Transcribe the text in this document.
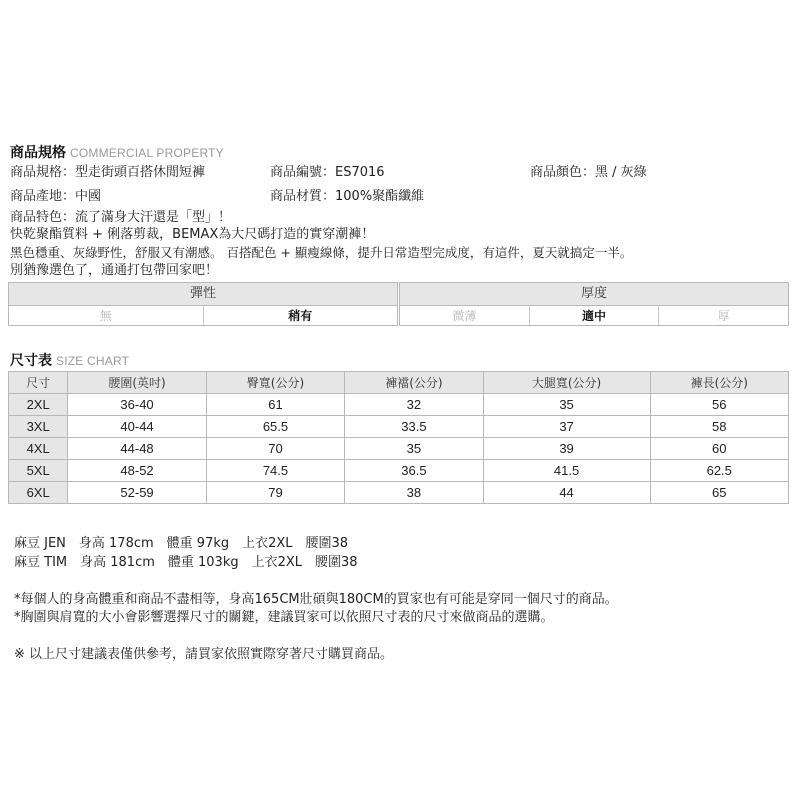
商品規格 COMMERCIAL PROPERTY
商品規格：型走街頭百搭休閒短褲	商品編號：ES7016	商品顏色：黑 / 灰綠
商品產地：中國	商品材質：100%聚酯纖維
商品特色：流了滿身大汗還是「型」！
快乾聚酯質料 + 俐落剪裁，BEMAX為大尺碼打造的實穿潮褲！
黑色穩重、灰綠野性，舒服又有潮感。 百搭配色 + 顯瘦線條，提升日常造型完成度，有這件，夏天就搞定一半。
別猶豫選色了，通通打包帶回家吧！
彈性
無	稍有
厚度
微薄	適中	厚
尺寸表 SIZE CHART
尺寸	腰圍(英吋)	臀寬(公分)	褲襠(公分)	大腿寬(公分)	褲長(公分)
2XL	36-40	61	32	35	56
3XL	40-44	65.5	33.5	37	58
4XL	44-48	70	35	39	60
5XL	48-52	74.5	36.5	41.5	62.5
6XL	52-59	79	38	44	65
麻豆 JEN　身高 178cm　體重 97kg　上衣2XL　腰圍38
麻豆 TIM　身高 181cm　體重 103kg　上衣2XL　腰圍38
*每個人的身高體重和商品不盡相等，身高165CM壯碩與180CM的買家也有可能是穿同一個尺寸的商品。
*胸圍與肩寬的大小會影響選擇尺寸的關鍵，建議買家可以依照尺寸表的尺寸來做商品的選購。
※ 以上尺寸建議表僅供參考，請買家依照實際穿著尺寸購買商品。
